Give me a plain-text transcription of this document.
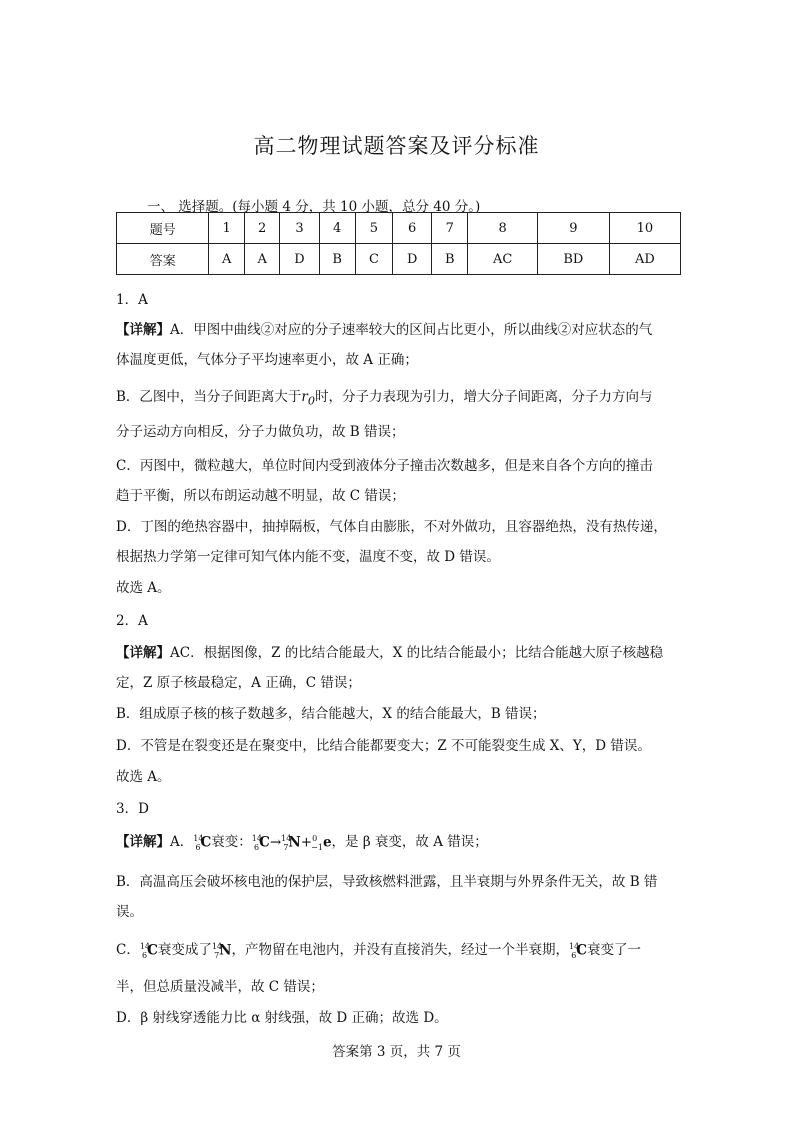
高二物理试题答案及评分标准
一、 选择题。(每小题 4 分，共 10 小题，总分 40 分。)
题号	1	2	3	4	5	6	7	8	9	10
答案	A	A	D	B	C	D	B	AC	BD	AD
1．A
【详解】A．甲图中曲线②对应的分子速率较大的区间占比更小，所以曲线②对应状态的气
体温度更低，气体分子平均速率更小，故 A 正确；
B．乙图中，当分子间距离大于$r_0$时，分子力表现为引力，增大分子间距离，分子力方向与
分子运动方向相反，分子力做负功，故 B 错误；
C．丙图中，微粒越大，单位时间内受到液体分子撞击次数越多，但是来自各个方向的撞击
趋于平衡，所以布朗运动越不明显，故 C 错误；
D．丁图的绝热容器中，抽掉隔板，气体自由膨胀，不对外做功，且容器绝热，没有热传递，
根据热力学第一定律可知气体内能不变，温度不变，故 D 错误。
故选 A。
2．A
【详解】AC．根据图像，Z 的比结合能最大，X 的比结合能最小；比结合能越大原子核越稳
定，Z 原子核最稳定，A 正确，C 错误；
B．组成原子核的核子数越多，结合能越大，X 的结合能最大，B 错误；
D．不管是在裂变还是在聚变中，比结合能都要变大；Z 不可能裂变生成 X、Y，D 错误。
故选 A。
3．D
【详解】A．$^{14}_6$C衰变：$^{14}_6$C→$^{14}_7$N+$^0_{-1}$e，是 β 衰变，故 A 错误；
B．高温高压会破坏核电池的保护层，导致核燃料泄露，且半衰期与外界条件无关，故 B 错
误。
C．$^{14}_6$C衰变成了$^{14}_7$N，产物留在电池内，并没有直接消失，经过一个半衰期，$^{14}_6$C衰变了一
半，但总质量没减半，故 C 错误；
D．β 射线穿透能力比 α 射线强，故 D 正确；故选 D。
答案第 3 页，共 7 页
